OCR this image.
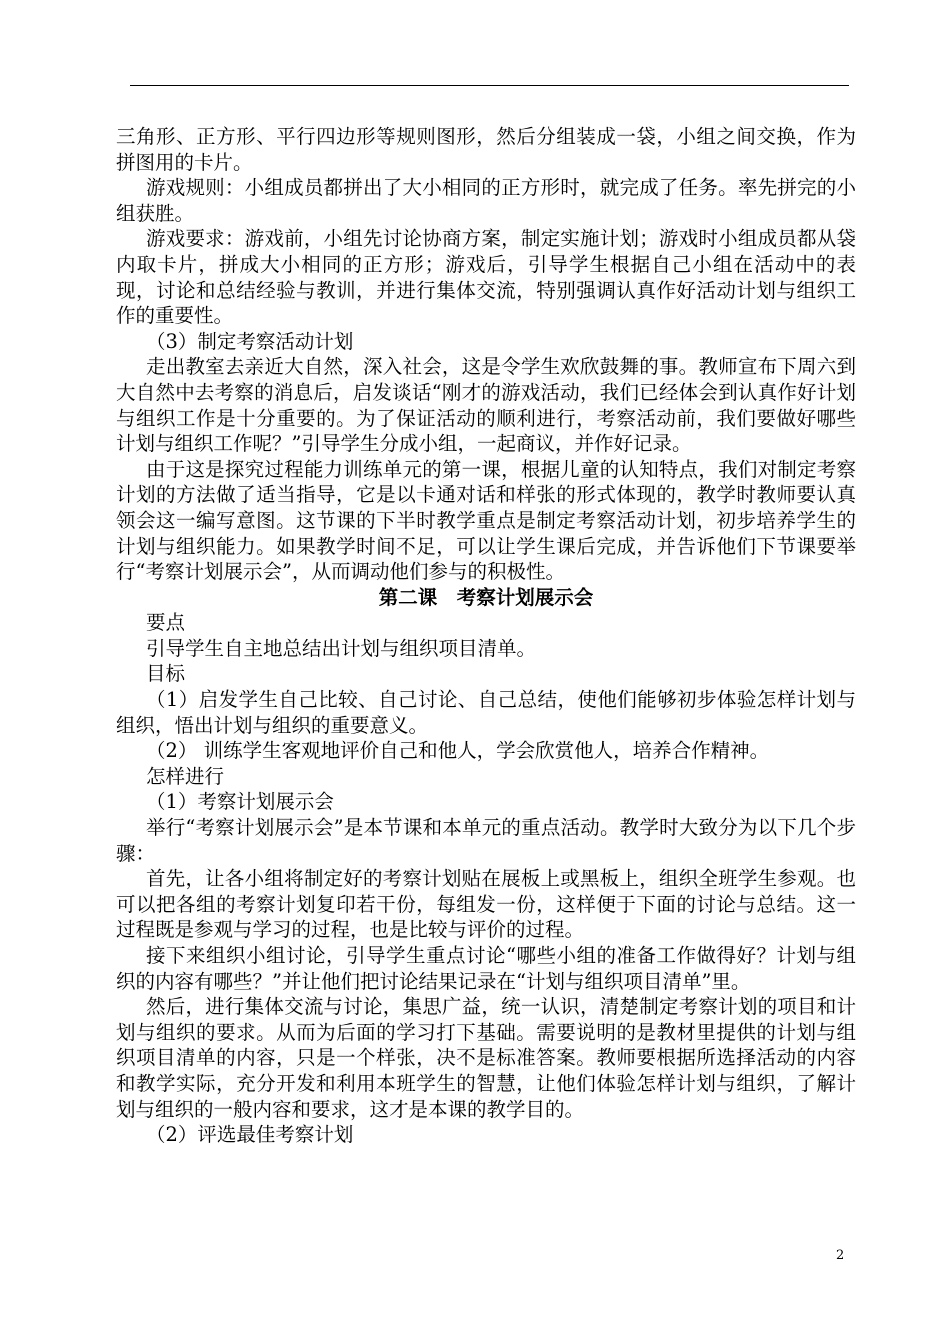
三角形、正方形、平行四边形等规则图形，然后分组装成一袋，小组之间交换，作为拼图用的卡片。

游戏规则：小组成员都拼出了大小相同的正方形时，就完成了任务。率先拼完的小组获胜。

游戏要求：游戏前，小组先讨论协商方案，制定实施计划；游戏时小组成员都从袋内取卡片，拼成大小相同的正方形；游戏后，引导学生根据自己小组在活动中的表现，讨论和总结经验与教训，并进行集体交流，特别强调认真作好活动计划与组织工作的重要性。

（3）制定考察活动计划

走出教室去亲近大自然，深入社会，这是令学生欢欣鼓舞的事。教师宣布下周六到大自然中去考察的消息后，启发谈话“刚才的游戏活动，我们已经体会到认真作好计划与组织工作是十分重要的。为了保证活动的顺利进行，考察活动前，我们要做好哪些计划与组织工作呢？”引导学生分成小组，一起商议，并作好记录。

由于这是探究过程能力训练单元的第一课，根据儿童的认知特点，我们对制定考察计划的方法做了适当指导，它是以卡通对话和样张的形式体现的，教学时教师要认真领会这一编写意图。这节课的下半时教学重点是制定考察活动计划，初步培养学生的计划与组织能力。如果教学时间不足，可以让学生课后完成，并告诉他们下节课要举行“考察计划展示会”，从而调动他们参与的积极性。

第二课　考察计划展示会

要点

引导学生自主地总结出计划与组织项目清单。

目标

（1）启发学生自己比较、自己讨论、自己总结，使他们能够初步体验怎样计划与组织，悟出计划与组织的重要意义。

（2） 训练学生客观地评价自己和他人，学会欣赏他人，培养合作精神。

怎样进行

（1）考察计划展示会

举行“考察计划展示会”是本节课和本单元的重点活动。教学时大致分为以下几个步骤：

首先，让各小组将制定好的考察计划贴在展板上或黑板上，组织全班学生参观。也可以把各组的考察计划复印若干份，每组发一份，这样便于下面的讨论与总结。这一过程既是参观与学习的过程，也是比较与评价的过程。

接下来组织小组讨论，引导学生重点讨论“哪些小组的准备工作做得好？计划与组织的内容有哪些？”并让他们把讨论结果记录在“计划与组织项目清单”里。

然后，进行集体交流与讨论，集思广益，统一认识，清楚制定考察计划的项目和计划与组织的要求。从而为后面的学习打下基础。需要说明的是教材里提供的计划与组织项目清单的内容，只是一个样张，决不是标准答案。教师要根据所选择活动的内容和教学实际，充分开发和利用本班学生的智慧，让他们体验怎样计划与组织，了解计划与组织的一般内容和要求，这才是本课的教学目的。

（2）评选最佳考察计划

2
